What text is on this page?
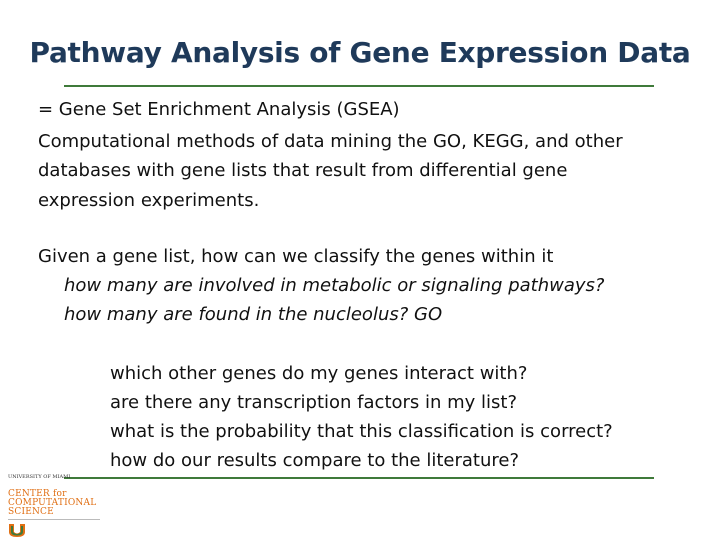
Pathway Analysis of Gene Expression Data
= Gene Set Enrichment Analysis (GSEA)
Computational methods of data mining the GO, KEGG, and other
databases with gene lists that result from differential gene
expression experiments.
Given a gene list, how can we classify the genes within it
how many are involved in metabolic or signaling pathways?
how many are found in the nucleolus? GO
which other genes do my genes interact with?
are there any transcription factors in my list?
what is the probability that this classification is correct?
how do our results compare to the literature?
UNIVERSITY OF MIAMI
CENTER for
COMPUTATIONAL
SCIENCE
